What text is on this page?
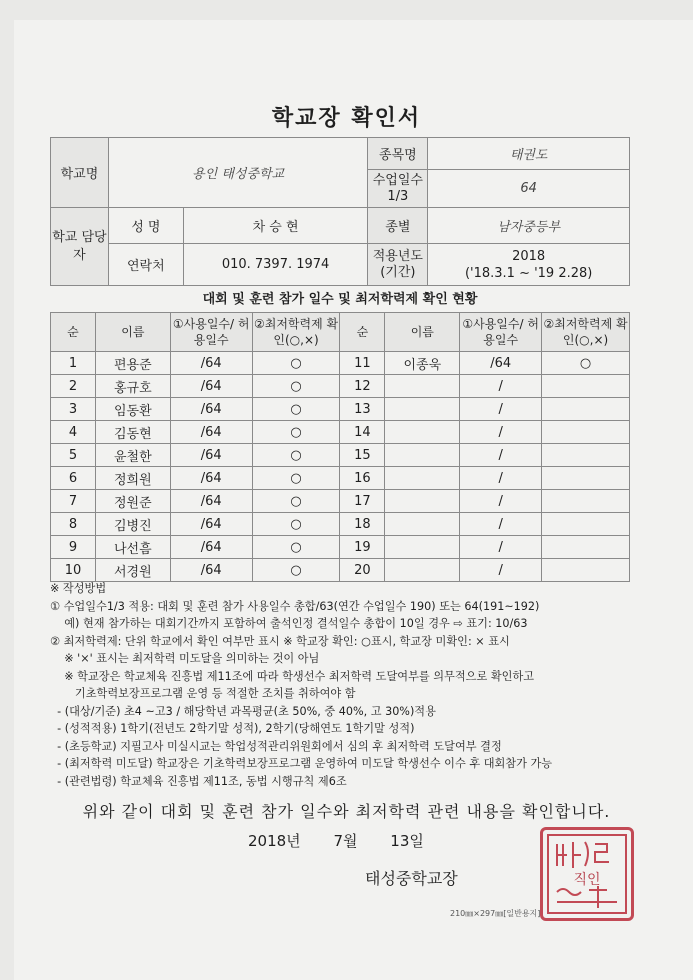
학교장 확인서
학교명	용인 태성중학교		종목명	태권도
			수업일수 1/3	64
학교 담당자	성 명	차 승 현	종별	남자중등부
	연락처	010. 7397. 1974	적용년도 (기간)	2018
('18.3.1 ~ '19 2.28)
대회 및 훈련 참가 일수 및 최저학력제 확인 현황
순	이름	①사용일수/ 허용일수	②최저학력제 확인(○,×)	순	이름	①사용일수/ 허용일수	②최저학력제 확인(○,×)
1	편용준	/64	○	11	이종욱	/64	○
2	홍규호	/64	○	12		/	
3	임동환	/64	○	13		/	
4	김동현	/64	○	14		/	
5	윤철한	/64	○	15		/	
6	정희원	/64	○	16		/	
7	정원준	/64	○	17		/	
8	김병진	/64	○	18		/	
9	나선흠	/64	○	19		/	
10	서경원	/64	○	20		/	
※ 작성방법
① 수업일수1/3 적용: 대회 및 훈련 참가 사용일수 총합/63(연간 수업일수 190) 또는 64(191~192)
예) 현재 참가하는 대회기간까지 포함하여 출석인정 결석일수 총합이 10일 경우 ⇨ 표기: 10/63
② 최저학력제: 단위 학교에서 확인 여부만 표시 ※ 학교장 확인: ○표시, 학교장 미확인: × 표시
※ '×' 표시는 최저학력 미도달을 의미하는 것이 아님
※ 학교장은 학교체육 진흥법 제11조에 따라 학생선수 최저학력 도달여부를 의무적으로 확인하고
기초학력보장프로그램 운영 등 적절한 조치를 취하여야 함
- (대상/기준) 초4 ~고3 / 해당학년 과목평균(초 50%, 중 40%, 고 30%)적용
- (성적적용) 1학기(전년도 2학기말 성적), 2학기(당해연도 1학기말 성적)
- (초등학교) 지필고사 미실시교는 학업성적관리위원회에서 심의 후 최저학력 도달여부 결정
- (최저학력 미도달) 학교장은 기초학력보장프로그램 운영하여 미도달 학생선수 이수 후 대회참가 가능
- (관련법령) 학교체육 진흥법 제11조, 동법 시행규칙 제6조
위와 같이 대회 및 훈련 참가 일수와 최저학력 관련 내용을 확인합니다.
2018년 7월 13일
태성중학교장	직인
210㎜×297㎜[일반용지]
